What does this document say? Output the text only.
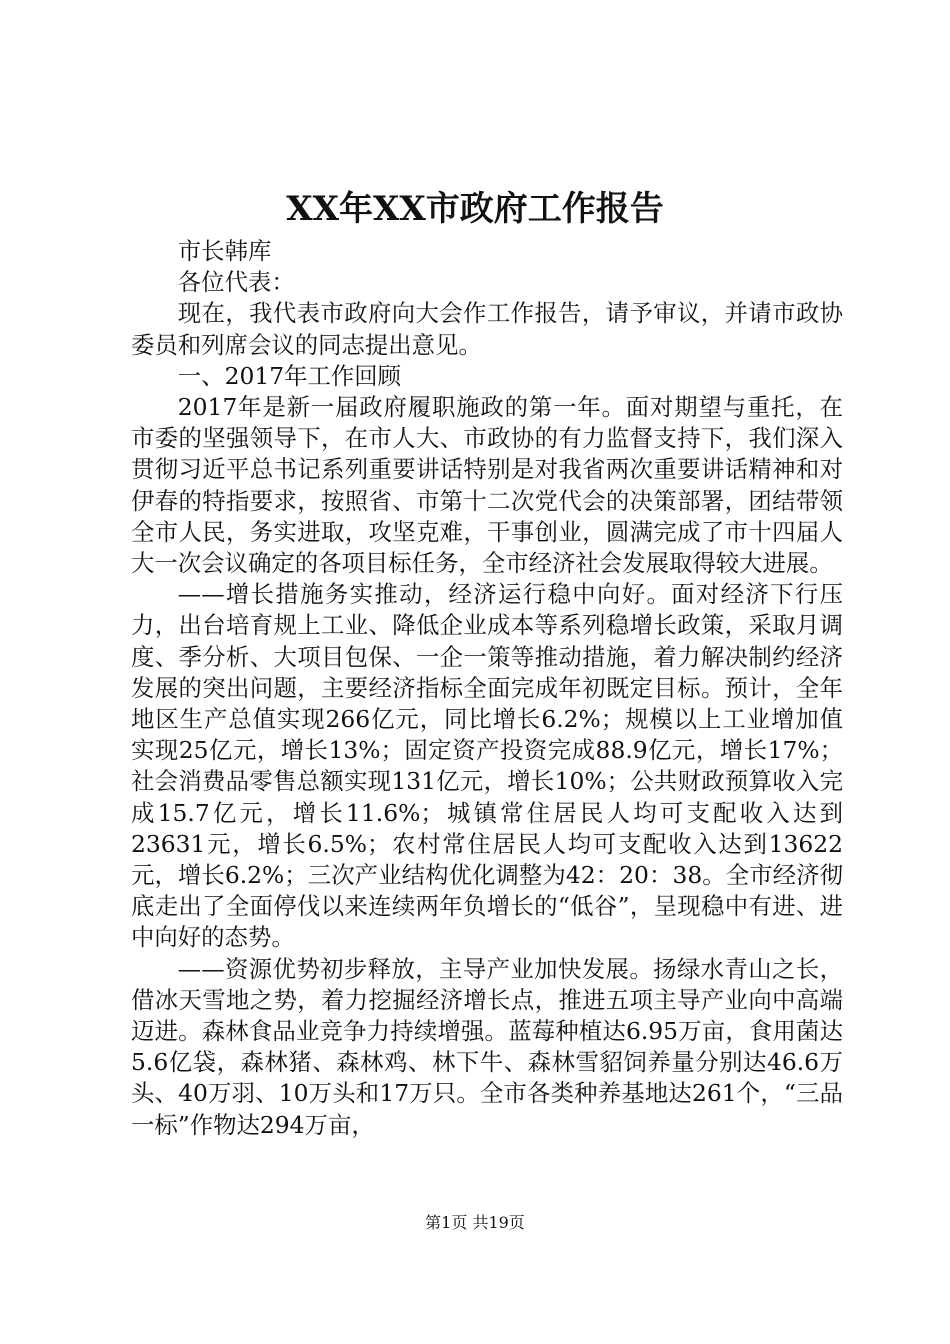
XX年XX市政府工作报告

市长韩库

各位代表：

现在，我代表市政府向大会作工作报告，请予审议，并请市政协委员和列席会议的同志提出意见。

一、2017年工作回顾

2017年是新一届政府履职施政的第一年。面对期望与重托，在市委的坚强领导下，在市人大、市政协的有力监督支持下，我们深入贯彻习近平总书记系列重要讲话特别是对我省两次重要讲话精神和对伊春的特指要求，按照省、市第十二次党代会的决策部署，团结带领全市人民，务实进取，攻坚克难，干事创业，圆满完成了市十四届人大一次会议确定的各项目标任务，全市经济社会发展取得较大进展。

——增长措施务实推动，经济运行稳中向好。面对经济下行压力，出台培育规上工业、降低企业成本等系列稳增长政策，采取月调度、季分析、大项目包保、一企一策等推动措施，着力解决制约经济发展的突出问题，主要经济指标全面完成年初既定目标。预计，全年地区生产总值实现266亿元，同比增长6.2%；规模以上工业增加值实现25亿元，增长13%；固定资产投资完成88.9亿元，增长17%；社会消费品零售总额实现131亿元，增长10%；公共财政预算收入完成15.7亿元，增长11.6%；城镇常住居民人均可支配收入达到23631元，增长6.5%；农村常住居民人均可支配收入达到13622元，增长6.2%；三次产业结构优化调整为42：20：38。全市经济彻底走出了全面停伐以来连续两年负增长的“低谷”，呈现稳中有进、进中向好的态势。

——资源优势初步释放，主导产业加快发展。扬绿水青山之长，借冰天雪地之势，着力挖掘经济增长点，推进五项主导产业向中高端迈进。森林食品业竞争力持续增强。蓝莓种植达6.95万亩，食用菌达5.6亿袋，森林猪、森林鸡、林下牛、森林雪貂饲养量分别达46.6万头、40万羽、10万头和17万只。全市各类种养基地达261个，“三品一标”作物达294万亩，

第1页 共19页
